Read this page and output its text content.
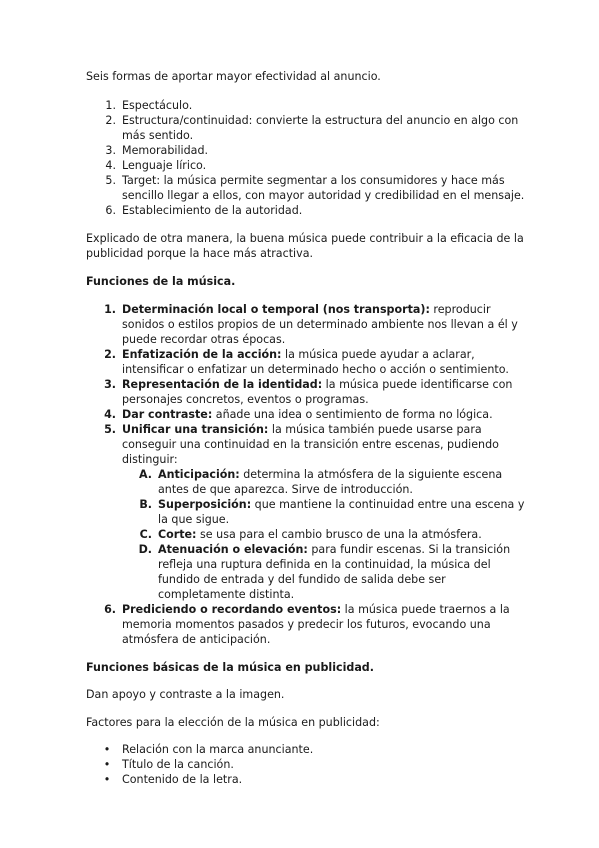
Seis formas de aportar mayor efectividad al anuncio.

1. Espectáculo.
2. Estructura/continuidad: convierte la estructura del anuncio en algo con más sentido.
3. Memorabilidad.
4. Lenguaje lírico.
5. Target: la música permite segmentar a los consumidores y hace más sencillo llegar a ellos, con mayor autoridad y credibilidad en el mensaje.
6. Establecimiento de la autoridad.

Explicado de otra manera, la buena música puede contribuir a la eficacia de la publicidad porque la hace más atractiva.

Funciones de la música.
1. Determinación local o temporal (nos transporta): reproducir sonidos o estilos propios de un determinado ambiente nos llevan a él y puede recordar otras épocas.
2. Enfatización de la acción: la música puede ayudar a aclarar, intensificar o enfatizar un determinado hecho o acción o sentimiento.
3. Representación de la identidad: la música puede identificarse con personajes concretos, eventos o programas.
4. Dar contraste: añade una idea o sentimiento de forma no lógica.
5. Unificar una transición: la música también puede usarse para conseguir una continuidad en la transición entre escenas, pudiendo distinguir:
A. Anticipación: determina la atmósfera de la siguiente escena antes de que aparezca. Sirve de introducción.
B. Superposición: que mantiene la continuidad entre una escena y la que sigue.
C. Corte: se usa para el cambio brusco de una la atmósfera.
D. Atenuación o elevación: para fundir escenas. Si la transición refleja una ruptura definida en la continuidad, la música del fundido de entrada y del fundido de salida debe ser completamente distinta.
6. Prediciendo o recordando eventos: la música puede traernos a la memoria momentos pasados y predecir los futuros, evocando una atmósfera de anticipación.
Funciones básicas de la música en publicidad.

Dan apoyo y contraste a la imagen.

Factores para la elección de la música en publicidad:

• Relación con la marca anunciante.
• Título de la canción.
• Contenido de la letra.
